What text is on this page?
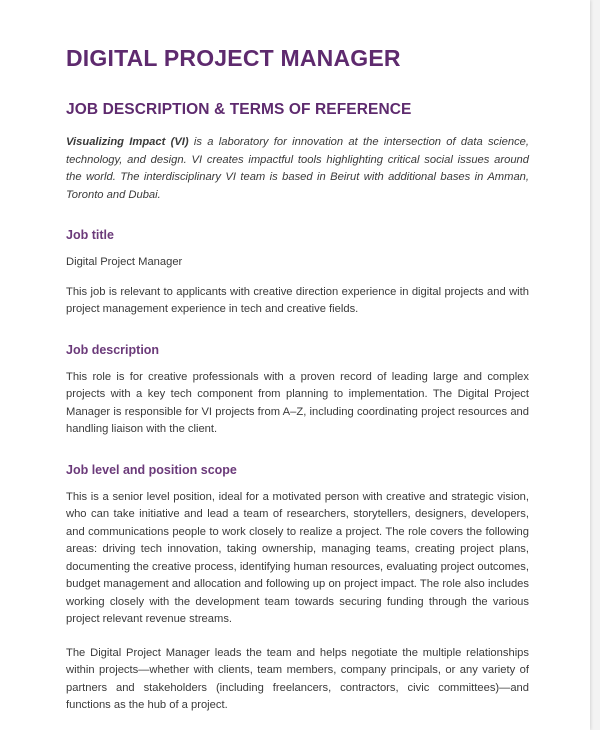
DIGITAL PROJECT MANAGER
JOB DESCRIPTION & TERMS OF REFERENCE

Visualizing Impact (VI) is a laboratory for innovation at the intersection of data science, technology, and design. VI creates impactful tools highlighting critical social issues around the world. The interdisciplinary VI team is based in Beirut with additional bases in Amman, Toronto and Dubai.

Job title

Digital Project Manager

This job is relevant to applicants with creative direction experience in digital projects and with project management experience in tech and creative fields.

Job description

This role is for creative professionals with a proven record of leading large and complex projects with a key tech component from planning to implementation. The Digital Project Manager is responsible for VI projects from A–Z, including coordinating project resources and handling liaison with the client.

Job level and position scope

This is a senior level position, ideal for a motivated person with creative and strategic vision, who can take initiative and lead a team of researchers, storytellers, designers, developers, and communications people to work closely to realize a project. The role covers the following areas: driving tech innovation, taking ownership, managing teams, creating project plans, documenting the creative process, identifying human resources, evaluating project outcomes, budget management and allocation and following up on project impact. The role also includes working closely with the development team towards securing funding through the various project relevant revenue streams.

The Digital Project Manager leads the team and helps negotiate the multiple relationships within projects—whether with clients, team members, company principals, or any variety of partners and stakeholders (including freelancers, contractors, civic committees)—and functions as the hub of a project.
